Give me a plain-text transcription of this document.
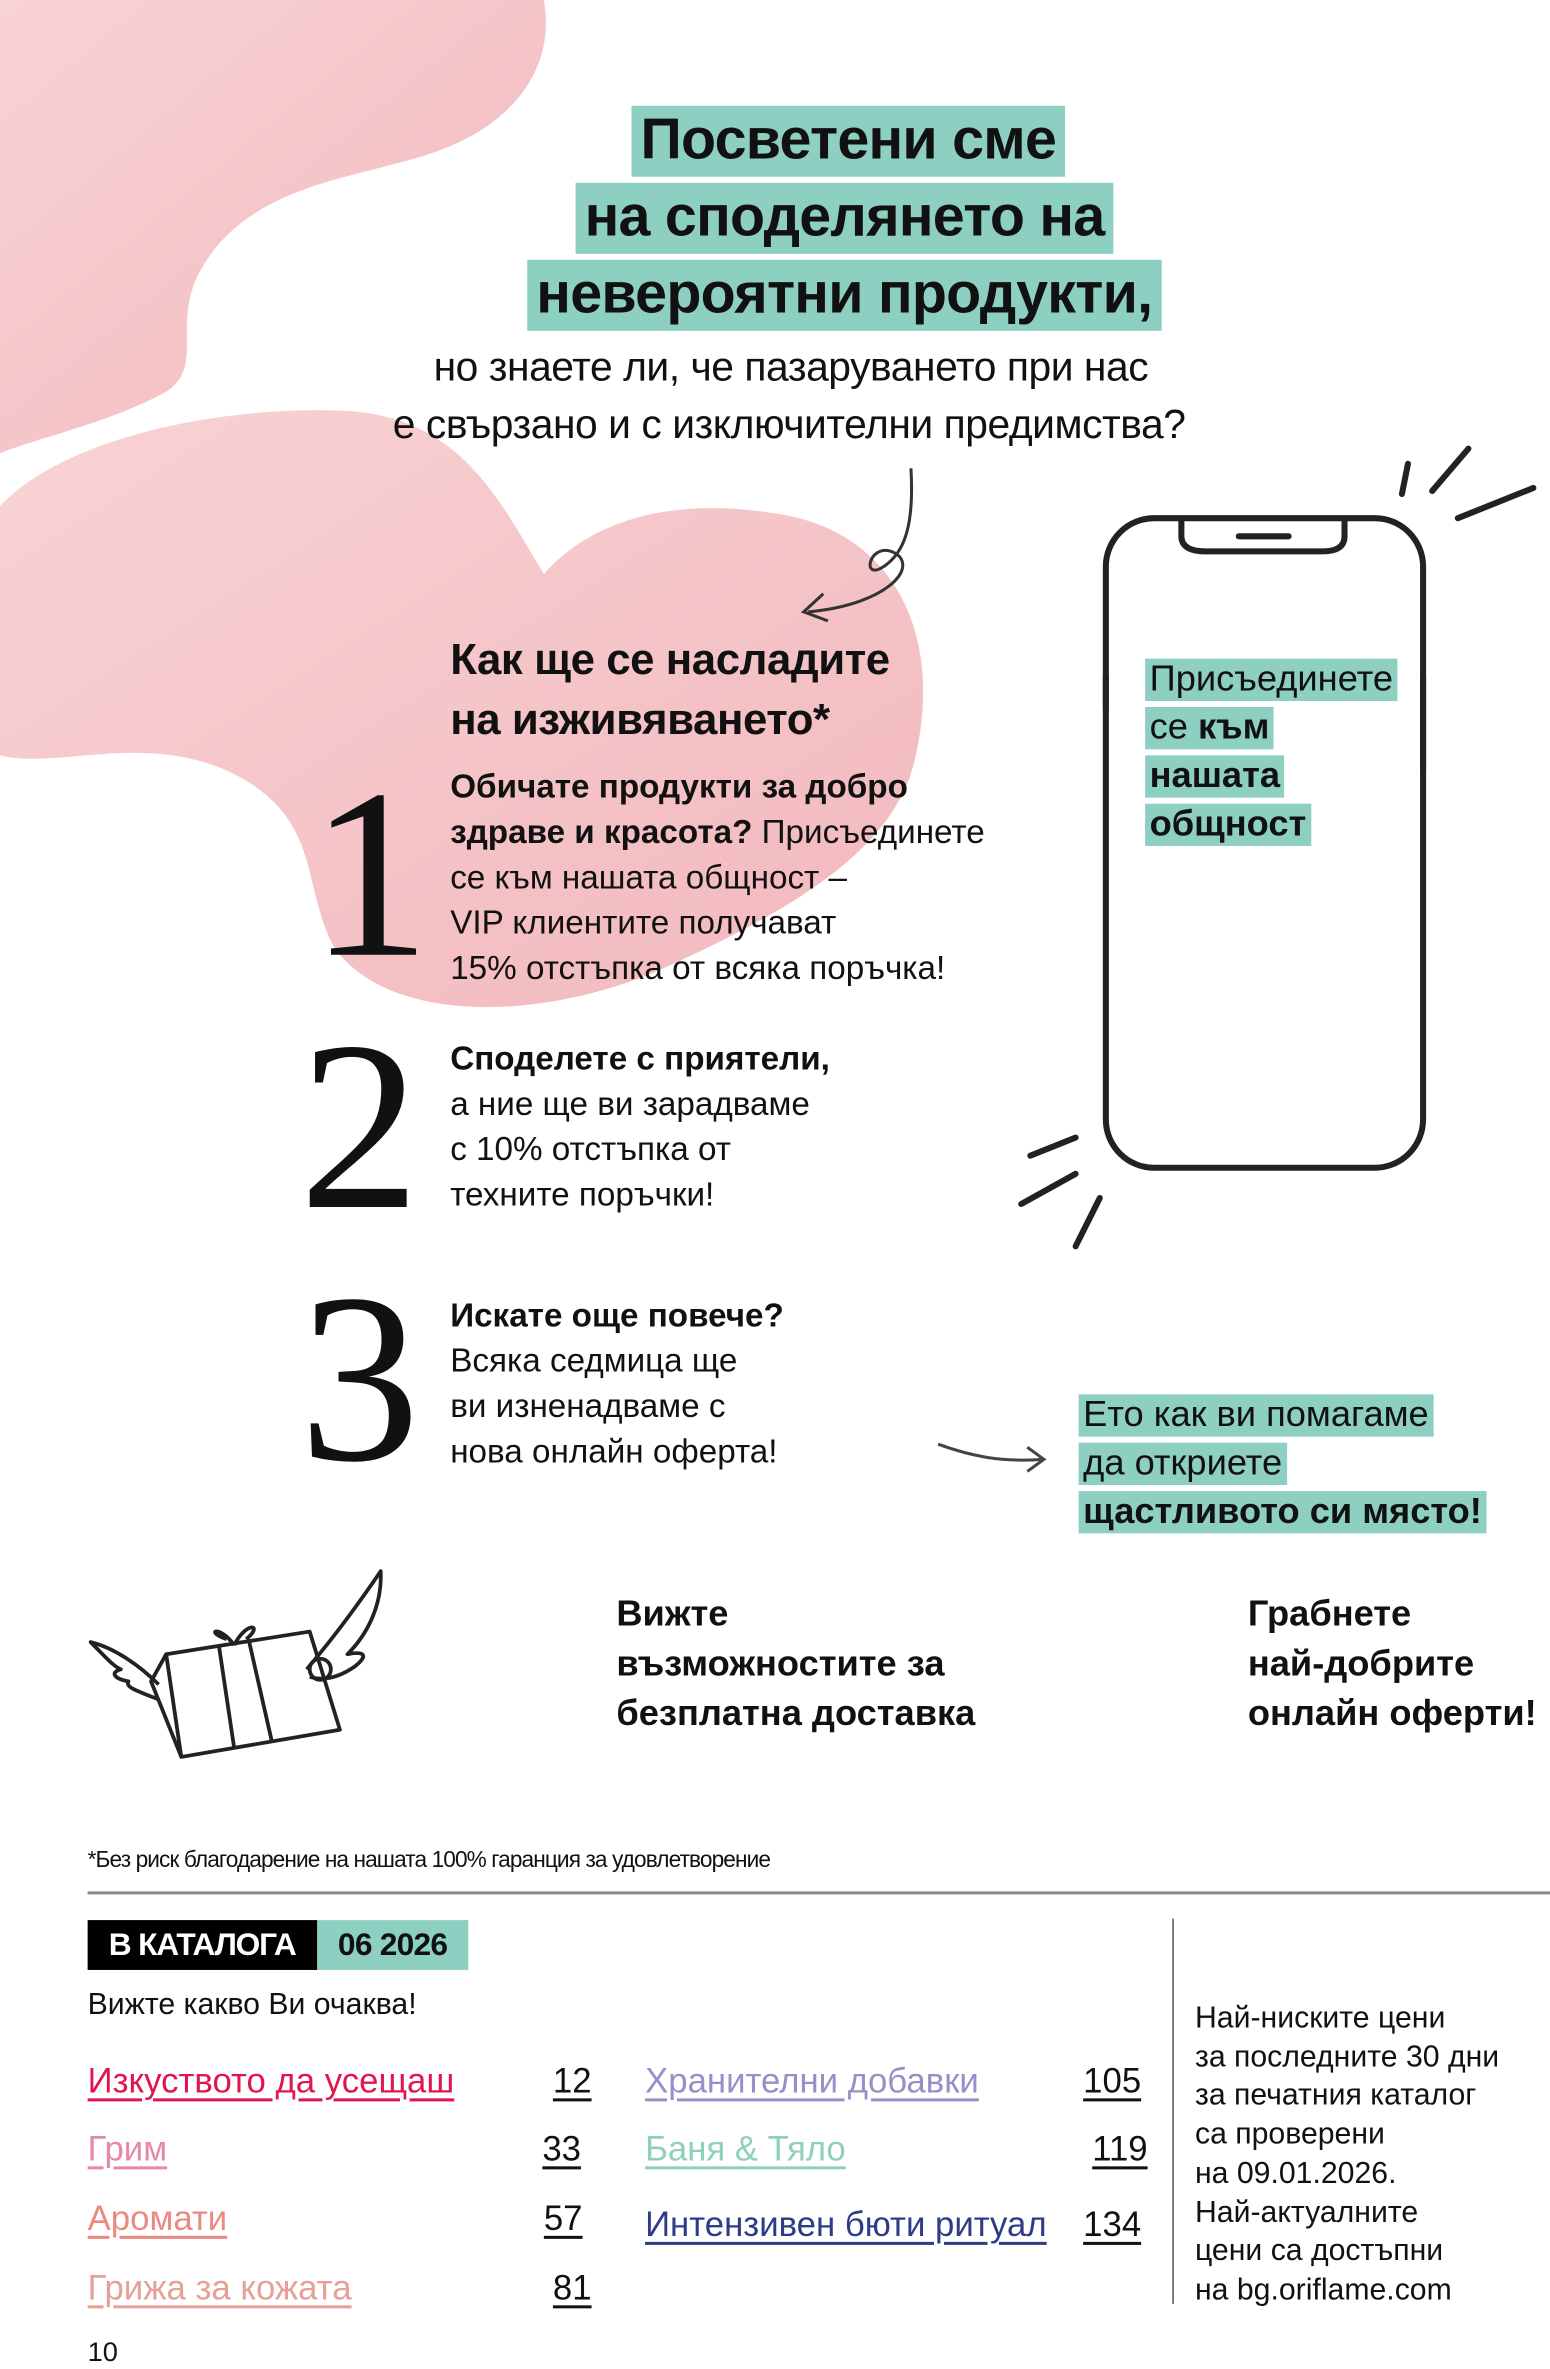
Посветени сме
на споделянето на
невероятни продукти,
но знаете ли, че пазаруването при нас
е свързано и с изключителни предимства?
Как ще се насладите
на изживяването*
1 Обичате продукти за добро
здраве и красота? Присъединете
се към нашата общност –
VIP клиентите получават
15% отстъпка от всяка поръчка!
2 Споделете с приятели,
а ние ще ви зарадваме
с 10% отстъпка от
техните поръчки!
3 Искате още повече?
Всяка седмица ще
ви изненадваме с
нова онлайн оферта!
Присъединете
се към
нашата
общност
Ето как ви помагаме
да откриете
щастливото си място!
Вижте
възможностите за
безплатна доставка
Грабнете
най-добрите
онлайн оферти!
*Без риск благодарение на нашата 100% гаранция за удовлетворение
В КАТАЛОГА	06 2026
Вижте какво Ви очаква!
Изкуството да усещаш	12
Грим	33
Аромати	57
Грижа за кожата	81
Хранителни добавки	105
Баня & Тяло	119
Интензивен бюти ритуал 134
Най-ниските цени
за последните 30 дни
за печатния каталог
са проверени
на 09.01.2026.
Най-актуалните
цени са достъпни
на bg.oriflame.com
10
